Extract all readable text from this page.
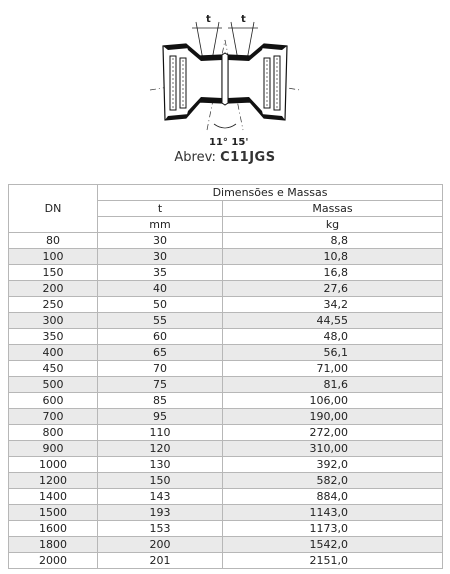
t	t
11° 15'
Abrev: C11JGS
DN	Dimensões e Massas	
	t	Massas
	mm	kg
80	30	8,8
100	30	10,8
150	35	16,8
200	40	27,6
250	50	34,2
300	55	44,55
350	60	48,0
400	65	56,1
450	70	71,00
500	75	81,6
600	85	106,00
700	95	190,00
800	110	272,00
900	120	310,00
1000	130	392,0
1200	150	582,0
1400	143	884,0
1500	193	1143,0
1600	153	1173,0
1800	200	1542,0
2000	201	2151,0
